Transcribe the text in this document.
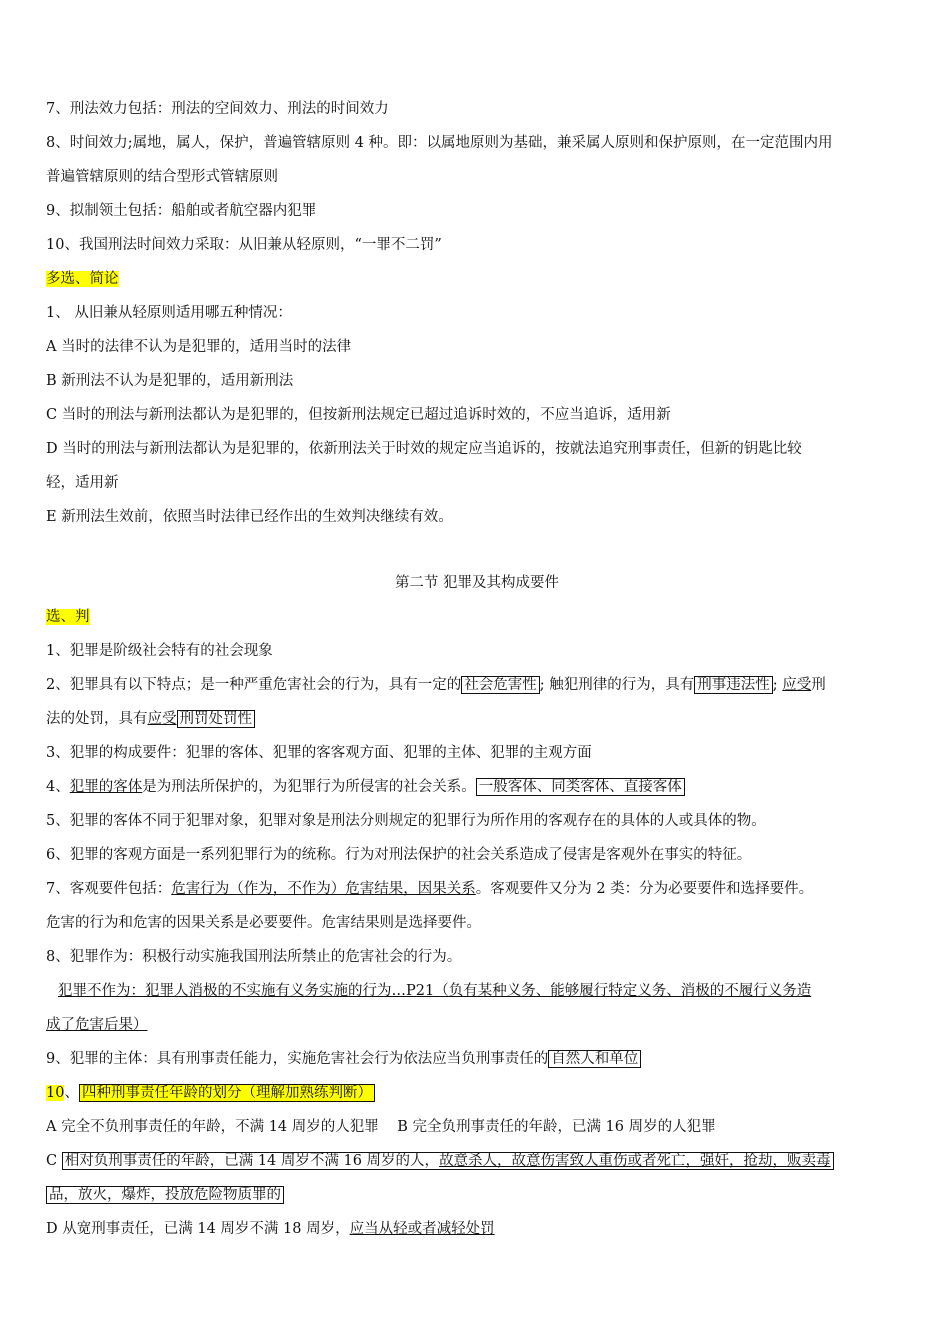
7、刑法效力包括：刑法的空间效力、刑法的时间效力
8、时间效力;属地，属人，保护，普遍管辖原则 4 种。即：以属地原则为基础，兼采属人原则和保护原则，在一定范围内用
普遍管辖原则的结合型形式管辖原则
9、拟制领土包括：船舶或者航空器内犯罪
10、我国刑法时间效力采取：从旧兼从轻原则，“一罪不二罚”
多选、简论
1、 从旧兼从轻原则适用哪五种情况：
A 当时的法律不认为是犯罪的，适用当时的法律
B 新刑法不认为是犯罪的，适用新刑法
C 当时的刑法与新刑法都认为是犯罪的，但按新刑法规定已超过追诉时效的，不应当追诉，适用新
D 当时的刑法与新刑法都认为是犯罪的，依新刑法关于时效的规定应当追诉的，按就法追究刑事责任，但新的钥匙比较
轻，适用新
E 新刑法生效前，依照当时法律已经作出的生效判决继续有效。
第二节 犯罪及其构成要件
选、判
1、犯罪是阶级社会特有的社会现象
2、犯罪具有以下特点；是一种严重危害社会的行为，具有一定的 社会危害性 ; 触犯刑律的行为，具有 刑事违法性 ; 应受刑
法的处罚，具有应受 刑罚处罚性
3、犯罪的构成要件：犯罪的客体、犯罪的客客观方面、犯罪的主体、犯罪的主观方面
4、犯罪的客体是为刑法所保护的，为犯罪行为所侵害的社会关系。 一般客体、同类客体、直接客体
5、犯罪的客体不同于犯罪对象，犯罪对象是刑法分则规定的犯罪行为所作用的客观存在的具体的人或具体的物。
6、犯罪的客观方面是一系列犯罪行为的统称。行为对刑法保护的社会关系造成了侵害是客观外在事实的特征。
7、客观要件包括：危害行为（作为，不作为）危害结果，因果关系。客观要件又分为 2 类：分为必要要件和选择要件。
危害的行为和危害的因果关系是必要要件。危害结果则是选择要件。
8、犯罪作为：积极行动实施我国刑法所禁止的危害社会的行为。
犯罪不作为：犯罪人消极的不实施有义务实施的行为…P21（负有某种义务、能够履行特定义务、消极的不履行义务造
成了危害后果）
9、犯罪的主体：具有刑事责任能力，实施危害社会行为依法应当负刑事责任的 自然人和单位
10、 四种刑事责任年龄的划分（理解加熟练判断）
A 完全不负刑事责任的年龄，不满 14 周岁的人犯罪 B 完全负刑事责任的年龄，已满 16 周岁的人犯罪
C 相对负刑事责任的年龄，已满 14 周岁不满 16 周岁的人，故意杀人，故意伤害致人重伤或者死亡，强奸，抢劫，贩卖毒
品，放火，爆炸，投放危险物质罪的
D 从宽刑事责任，已满 14 周岁不满 18 周岁，应当从轻或者减轻处罚
